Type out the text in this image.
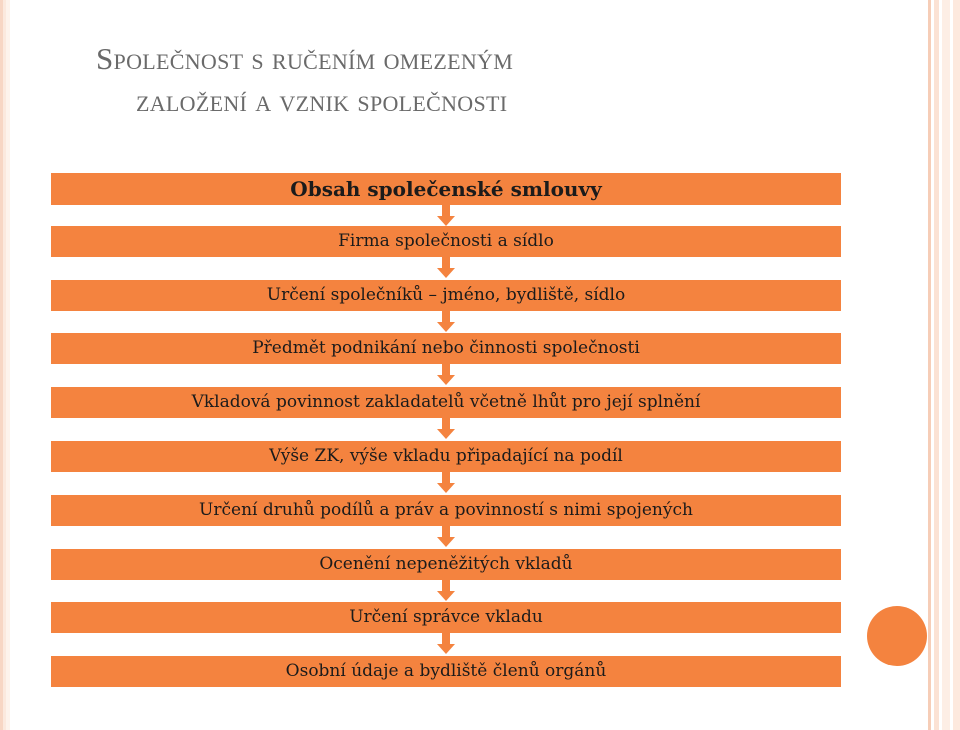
Společnost s ručením omezeným
založení a vznik společnosti
Obsah společenské smlouvy
Firma společnosti a sídlo
Určení společníků – jméno, bydliště, sídlo
Předmět podnikání nebo činnosti společnosti
Vkladová povinnost zakladatelů včetně lhůt pro její splnění
Výše ZK, výše vkladu připadající na podíl
Určení druhů podílů a práv a povinností s nimi spojených
Ocenění nepeněžitých vkladů
Určení správce vkladu
Osobní údaje a bydliště členů orgánů
